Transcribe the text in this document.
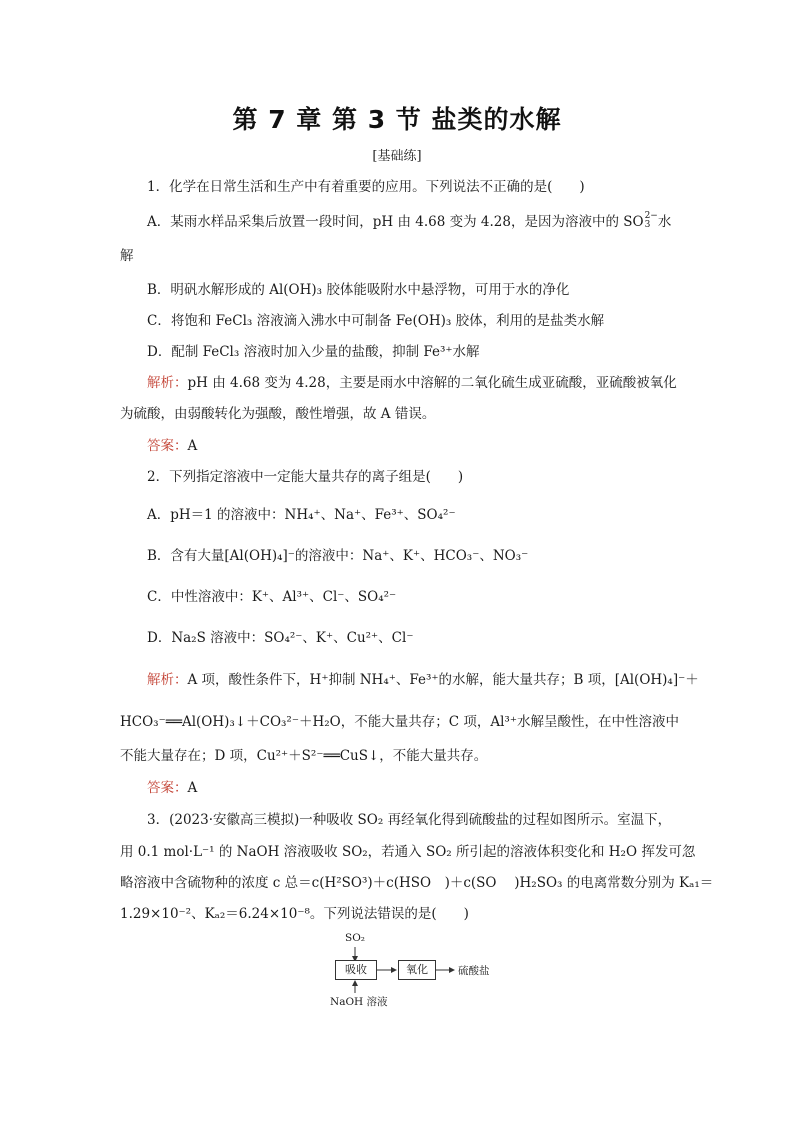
第 7 章 第 3 节 盐类的水解
[基础练]
1．化学在日常生活和生产中有着重要的应用。下列说法不正确的是(　　)
A．某雨水样品采集后放置一段时间，pH 由 4.68 变为 4.28，是因为溶液中的 SO 2−
3 水
解
B．明矾水解形成的 Al(OH)₃ 胶体能吸附水中悬浮物，可用于水的净化
C．将饱和 FeCl₃ 溶液滴入沸水中可制备 Fe(OH)₃ 胶体，利用的是盐类水解
D．配制 FeCl₃ 溶液时加入少量的盐酸，抑制 Fe³⁺水解
解析：pH 由 4.68 变为 4.28，主要是雨水中溶解的二氧化硫生成亚硫酸，亚硫酸被氧化
为硫酸，由弱酸转化为强酸，酸性增强，故 A 错误。
答案：A
2．下列指定溶液中一定能大量共存的离子组是(　　)
A．pH＝1 的溶液中：NH₄⁺、Na⁺、Fe³⁺、SO₄²⁻
B．含有大量[Al(OH)₄]⁻的溶液中：Na⁺、K⁺、HCO₃⁻、NO₃⁻
C．中性溶液中：K⁺、Al³⁺、Cl⁻、SO₄²⁻
D．Na₂S 溶液中：SO₄²⁻、K⁺、Cu²⁺、Cl⁻
解析：A 项，酸性条件下，H⁺抑制 NH₄⁺、Fe³⁺的水解，能大量共存；B 项，[Al(OH)₄]⁻＋
HCO₃⁻══Al(OH)₃↓＋CO₃²⁻＋H₂O，不能大量共存；C 项，Al³⁺水解呈酸性，在中性溶液中
不能大量存在；D 项，Cu²⁺＋S²⁻══CuS↓，不能大量共存。
答案：A
3．(2023·安徽高三模拟)一种吸收 SO₂ 再经氧化得到硫酸盐的过程如图所示。室温下，
用 0.1 mol·L⁻¹ 的 NaOH 溶液吸收 SO₂，若通入 SO₂ 所引起的溶液体积变化和 H₂O 挥发可忽
略溶液中含硫物种的浓度 c 总＝c(H²SO³)＋c(HSO　)＋c(SO　 )H₂SO₃ 的电离常数分别为 Kₐ₁＝
1.29×10⁻²、Kₐ₂＝6.24×10⁻⁸。下列说法错误的是(　　)
SO₂
吸收	氧化	硫酸盐
NaOH 溶液
